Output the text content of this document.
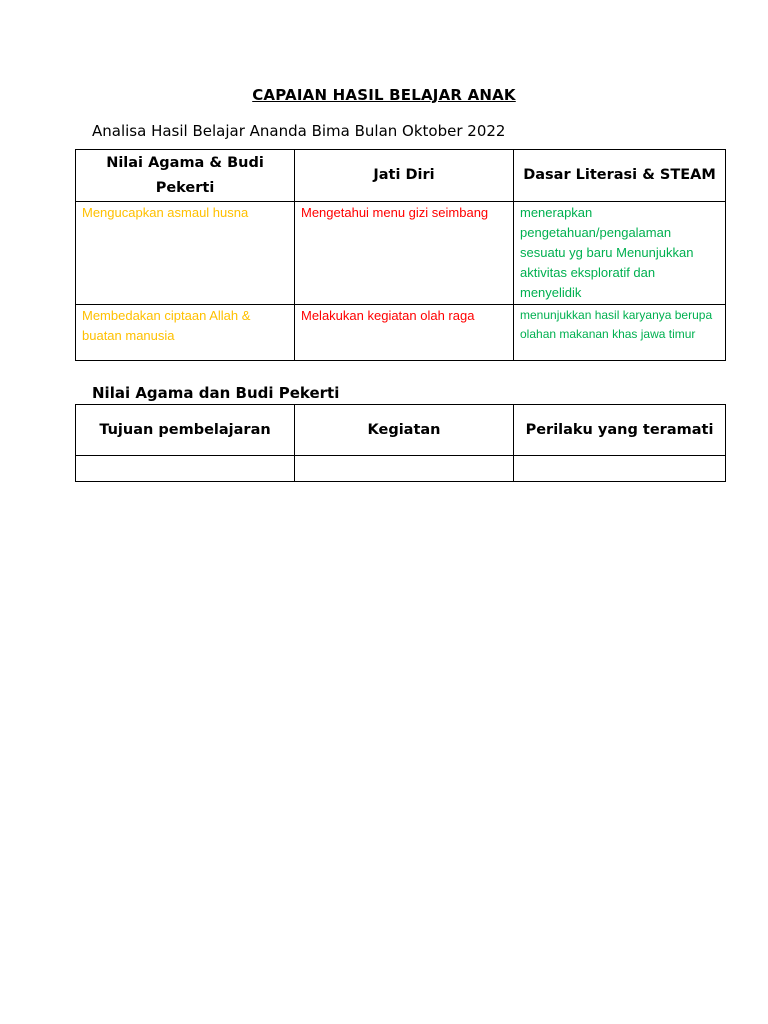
CAPAIAN HASIL BELAJAR ANAK
Analisa Hasil Belajar Ananda Bima Bulan Oktober 2022
Nilai Agama & Budi Pekerti	Jati Diri	Dasar Literasi & STEAM
Mengucapkan asmaul husna	Mengetahui menu gizi seimbang	menerapkan pengetahuan/pengalaman sesuatu yg baru Menunjukkan aktivitas eksploratif dan menyelidik
Membedakan ciptaan Allah & buatan manusia	Melakukan kegiatan olah raga	menunjukkan hasil karyanya berupa olahan makanan khas jawa timur
Nilai Agama dan Budi Pekerti
Tujuan pembelajaran	Kegiatan	Perilaku yang teramati
